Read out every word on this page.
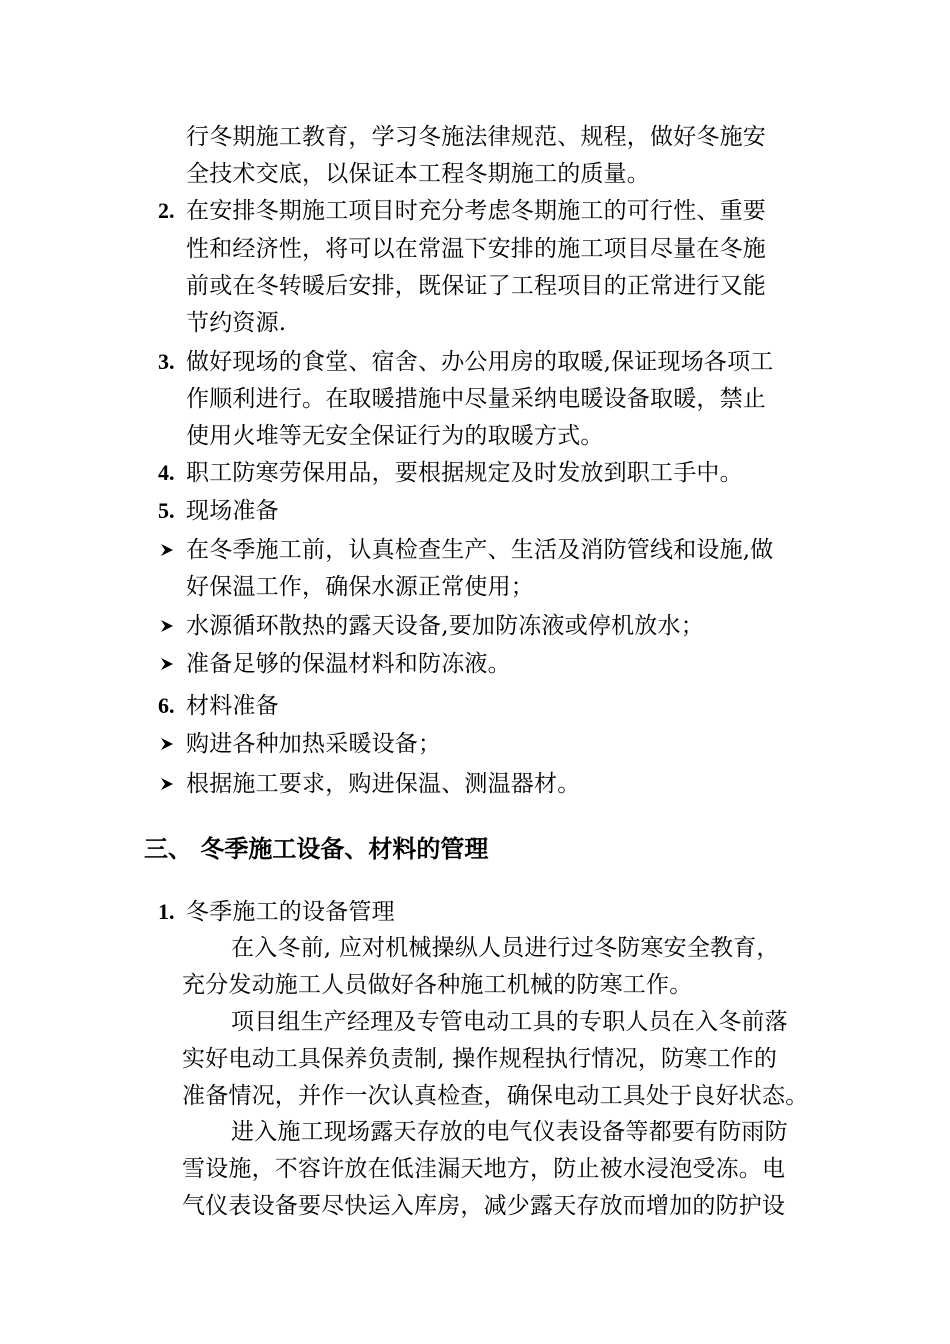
行冬期施工教育，学习冬施法律规范、规程，做好冬施安
全技术交底，以保证本工程冬期施工的质量。
2. 在安排冬期施工项目时充分考虑冬期施工的可行性、重要
性和经济性，将可以在常温下安排的施工项目尽量在冬施
前或在冬转暖后安排，既保证了工程项目的正常进行又能
节约资源.
3. 做好现场的食堂、宿舍、办公用房的取暖,保证现场各项工
作顺利进行。在取暖措施中尽量采纳电暖设备取暖，禁止
使用火堆等无安全保证行为的取暖方式。
4. 职工防寒劳保用品，要根据规定及时发放到职工手中。
5. 现场准备
在冬季施工前，认真检查生产、生活及消防管线和设施,做
好保温工作，确保水源正常使用；
水源循环散热的露天设备,要加防冻液或停机放水；
准备足够的保温材料和防冻液。
6. 材料准备
购进各种加热采暖设备；
根据施工要求，购进保温、测温器材。
三、 冬季施工设备、材料的管理
1. 冬季施工的设备管理
在入冬前, 应对机械操纵人员进行过冬防寒安全教育，
充分发动施工人员做好各种施工机械的防寒工作。
项目组生产经理及专管电动工具的专职人员在入冬前落
实好电动工具保养负责制, 操作规程执行情况，防寒工作的
准备情况，并作一次认真检查，确保电动工具处于良好状态。
进入施工现场露天存放的电气仪表设备等都要有防雨防
雪设施，不容许放在低洼漏天地方，防止被水浸泡受冻。电
气仪表设备要尽快运入库房，减少露天存放而增加的防护设
